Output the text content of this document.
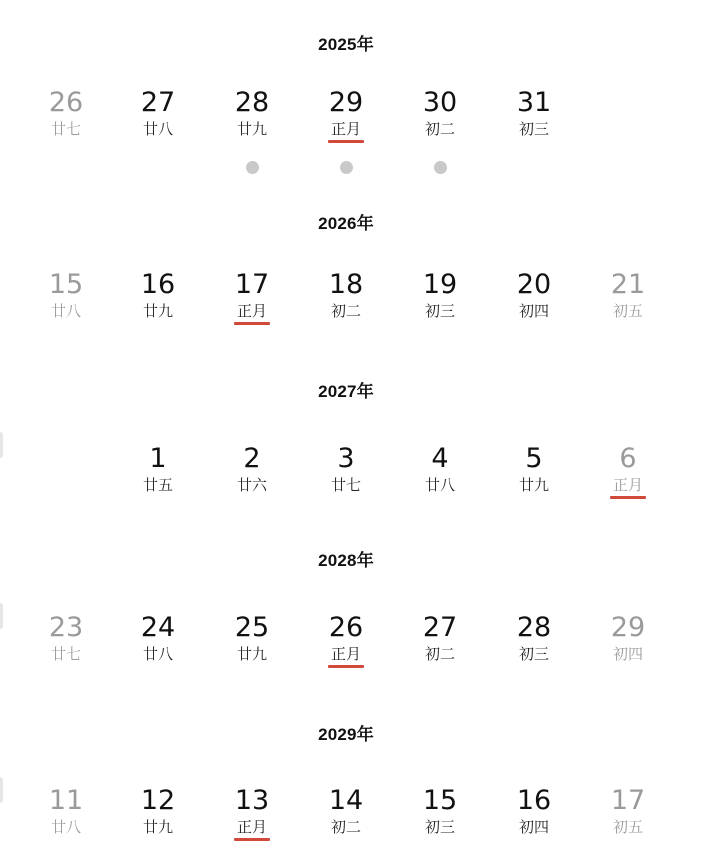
2025年
26
廿七
27
廿八
28
廿九
29
正月
30
初二
31
初三
2026年
15
廿八
16
廿九
17
正月
18
初二
19
初三
20
初四
21
初五
2027年
1
廿五
2
廿六
3
廿七
4
廿八
5
廿九
6
正月
2028年
23
廿七
24
廿八
25
廿九
26
正月
27
初二
28
初三
29
初四
2029年
11
廿八
12
廿九
13
正月
14
初二
15
初三
16
初四
17
初五
